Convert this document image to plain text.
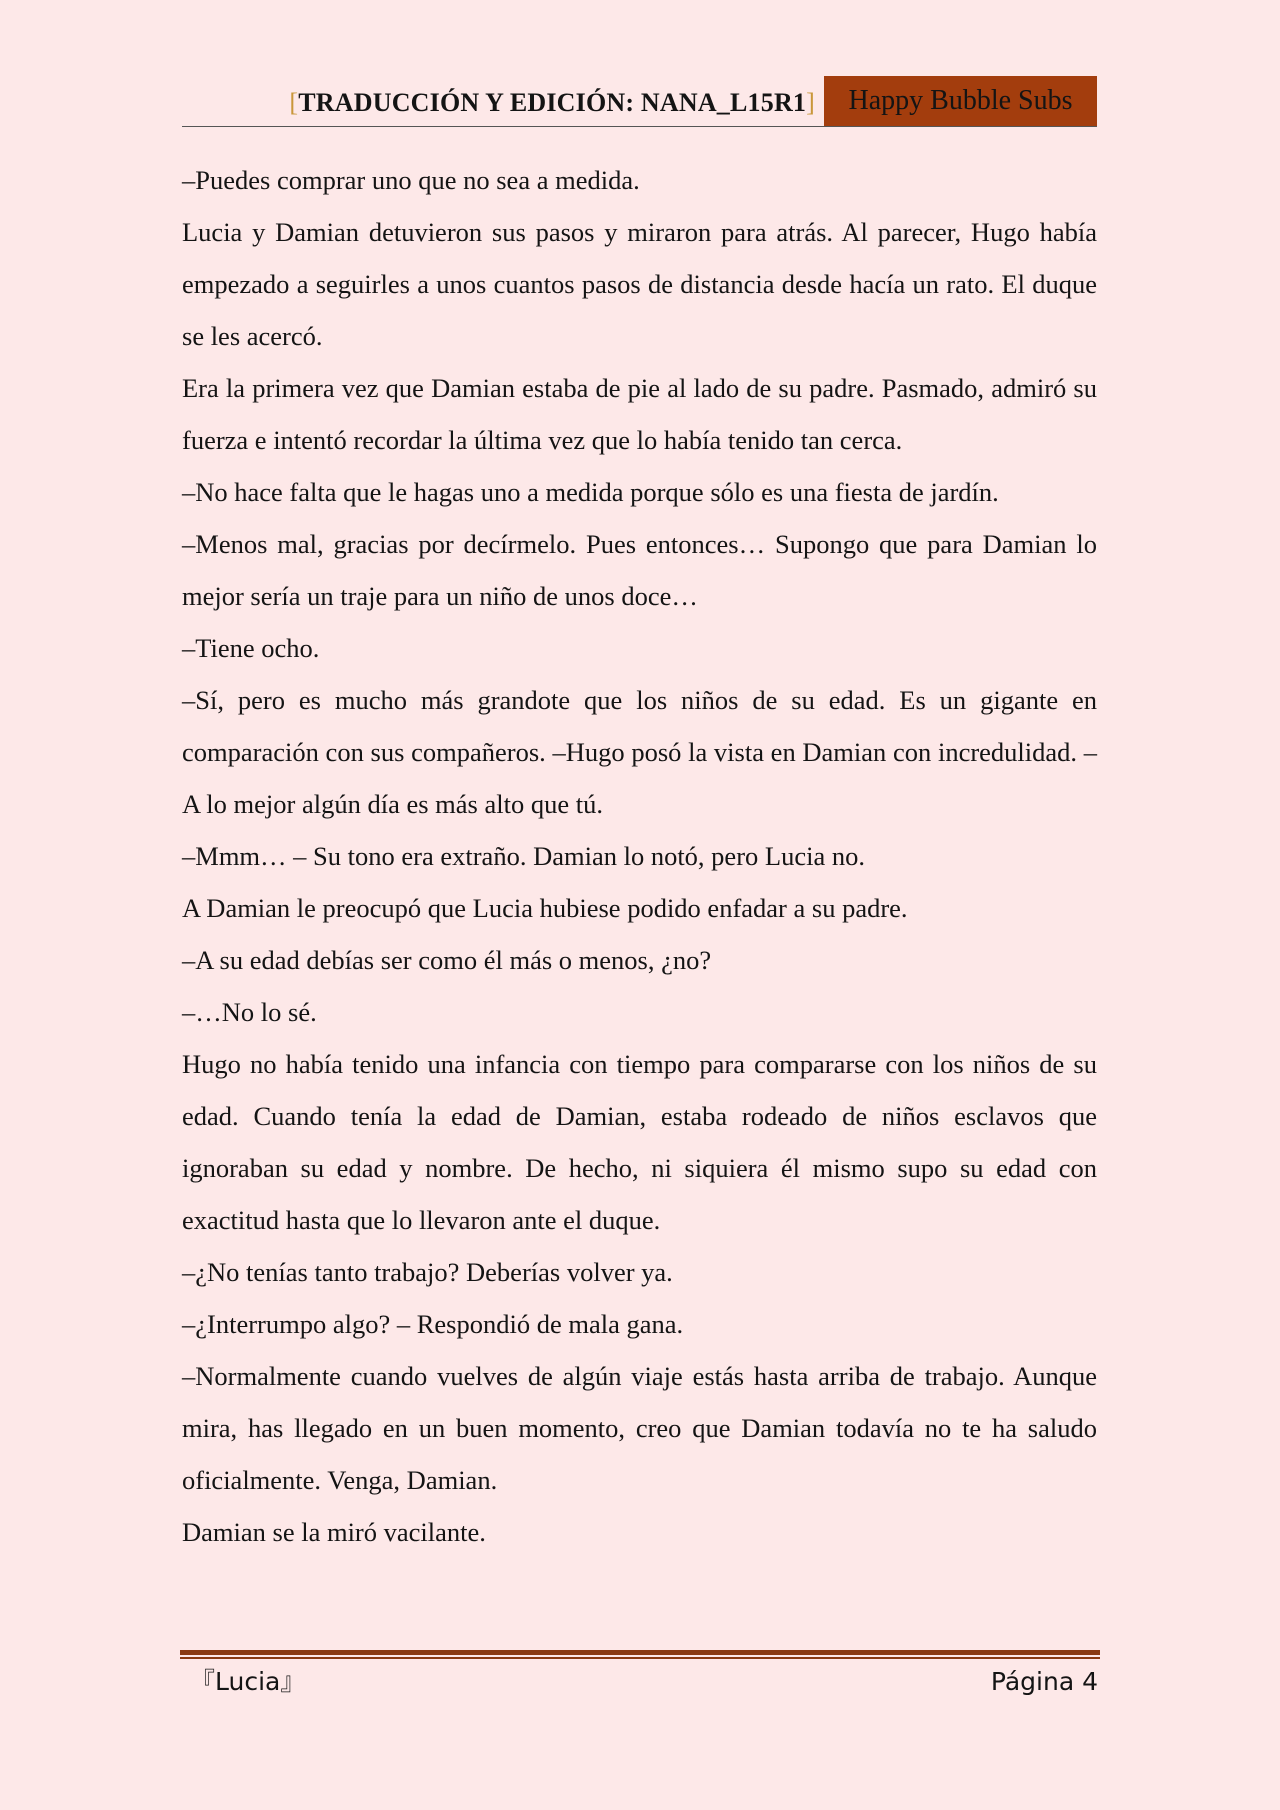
[TRADUCCIÓN Y EDICIÓN: NANA_L15R1]	Happy Bubble Subs

–Puedes comprar uno que no sea a medida.

Lucia y Damian detuvieron sus pasos y miraron para atrás. Al parecer, Hugo había empezado a seguirles a unos cuantos pasos de distancia desde hacía un rato. El duque se les acercó.

Era la primera vez que Damian estaba de pie al lado de su padre. Pasmado, admiró su fuerza e intentó recordar la última vez que lo había tenido tan cerca.

–No hace falta que le hagas uno a medida porque sólo es una fiesta de jardín.

–Menos mal, gracias por decírmelo. Pues entonces… Supongo que para Damian lo mejor sería un traje para un niño de unos doce…

–Tiene ocho.

–Sí, pero es mucho más grandote que los niños de su edad. Es un gigante en comparación con sus compañeros. –Hugo posó la vista en Damian con incredulidad. – A lo mejor algún día es más alto que tú.

–Mmm… – Su tono era extraño. Damian lo notó, pero Lucia no.

A Damian le preocupó que Lucia hubiese podido enfadar a su padre.

–A su edad debías ser como él más o menos, ¿no?

–…No lo sé.

Hugo no había tenido una infancia con tiempo para compararse con los niños de su edad. Cuando tenía la edad de Damian, estaba rodeado de niños esclavos que ignoraban su edad y nombre. De hecho, ni siquiera él mismo supo su edad con exactitud hasta que lo llevaron ante el duque.

–¿No tenías tanto trabajo? Deberías volver ya.

–¿Interrumpo algo? – Respondió de mala gana.

–Normalmente cuando vuelves de algún viaje estás hasta arriba de trabajo. Aunque mira, has llegado en un buen momento, creo que Damian todavía no te ha saludo oficialmente. Venga, Damian.

Damian se la miró vacilante.

『Lucia』	Página 4
